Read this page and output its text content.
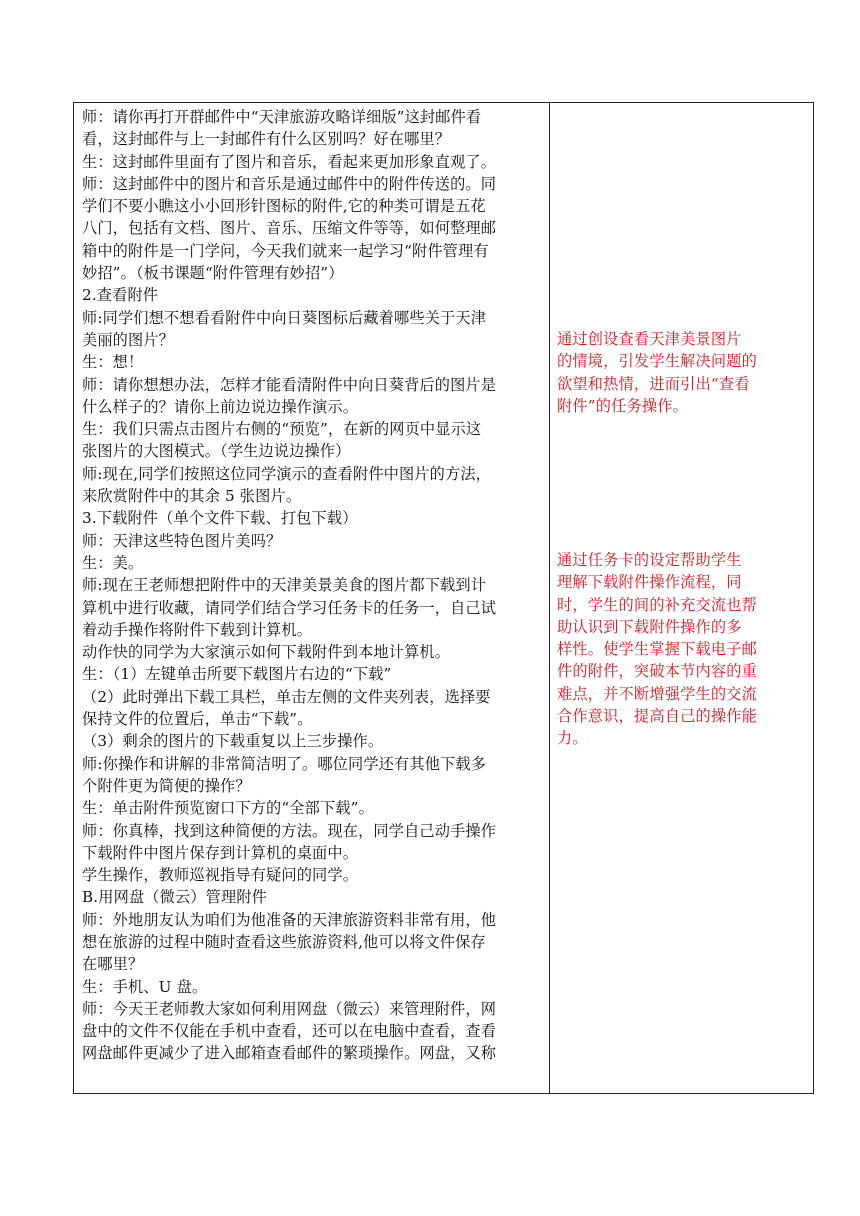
师：请你再打开群邮件中“天津旅游攻略详细版”这封邮件看
看，这封邮件与上一封邮件有什么区别吗？好在哪里？
生：这封邮件里面有了图片和音乐，看起来更加形象直观了。
师：这封邮件中的图片和音乐是通过邮件中的附件传送的。同
学们不要小瞧这小小回形针图标的附件,它的种类可谓是五花
八门，包括有文档、图片、音乐、压缩文件等等，如何整理邮
箱中的附件是一门学问，今天我们就来一起学习“附件管理有
妙招”。（板书课题“附件管理有妙招”）
2.查看附件
师:同学们想不想看看附件中向日葵图标后藏着哪些关于天津
美丽的图片？
生：想！
师：请你想想办法，怎样才能看清附件中向日葵背后的图片是
什么样子的？请你上前边说边操作演示。
生：我们只需点击图片右侧的“预览”，在新的网页中显示这
张图片的大图模式。（学生边说边操作）
师:现在,同学们按照这位同学演示的查看附件中图片的方法，
来欣赏附件中的其余 5 张图片。
3.下载附件（单个文件下载、打包下载）
师：天津这些特色图片美吗？
生：美。
师:现在王老师想把附件中的天津美景美食的图片都下载到计
算机中进行收藏，请同学们结合学习任务卡的任务一，自己试
着动手操作将附件下载到计算机。
动作快的同学为大家演示如何下载附件到本地计算机。
生：（1）左键单击所要下载图片右边的“下载”
（2）此时弹出下载工具栏，单击左侧的文件夹列表，选择要
保持文件的位置后，单击“下载”。
（3）剩余的图片的下载重复以上三步操作。
师:你操作和讲解的非常简洁明了。哪位同学还有其他下载多
个附件更为简便的操作？
生：单击附件预览窗口下方的“全部下载”。
师：你真棒，找到这种简便的方法。现在，同学自己动手操作
下载附件中图片保存到计算机的桌面中。
学生操作，教师巡视指导有疑问的同学。
B.用网盘（微云）管理附件
师：外地朋友认为咱们为他准备的天津旅游资料非常有用，他
想在旅游的过程中随时查看这些旅游资料,他可以将文件保存
在哪里？
生：手机、U 盘。
师：今天王老师教大家如何利用网盘（微云）来管理附件，网
盘中的文件不仅能在手机中查看，还可以在电脑中查看，查看
网盘邮件更减少了进入邮箱查看邮件的繁琐操作。网盘，又称
通过创设查看天津美景图片
的情境，引发学生解决问题的
欲望和热情，进而引出“查看
附件”的任务操作。
通过任务卡的设定帮助学生
理解下载附件操作流程，同
时，学生的间的补充交流也帮
助认识到下载附件操作的多
样性。使学生掌握下载电子邮
件的附件，突破本节内容的重
难点，并不断增强学生的交流
合作意识，提高自己的操作能
力。
